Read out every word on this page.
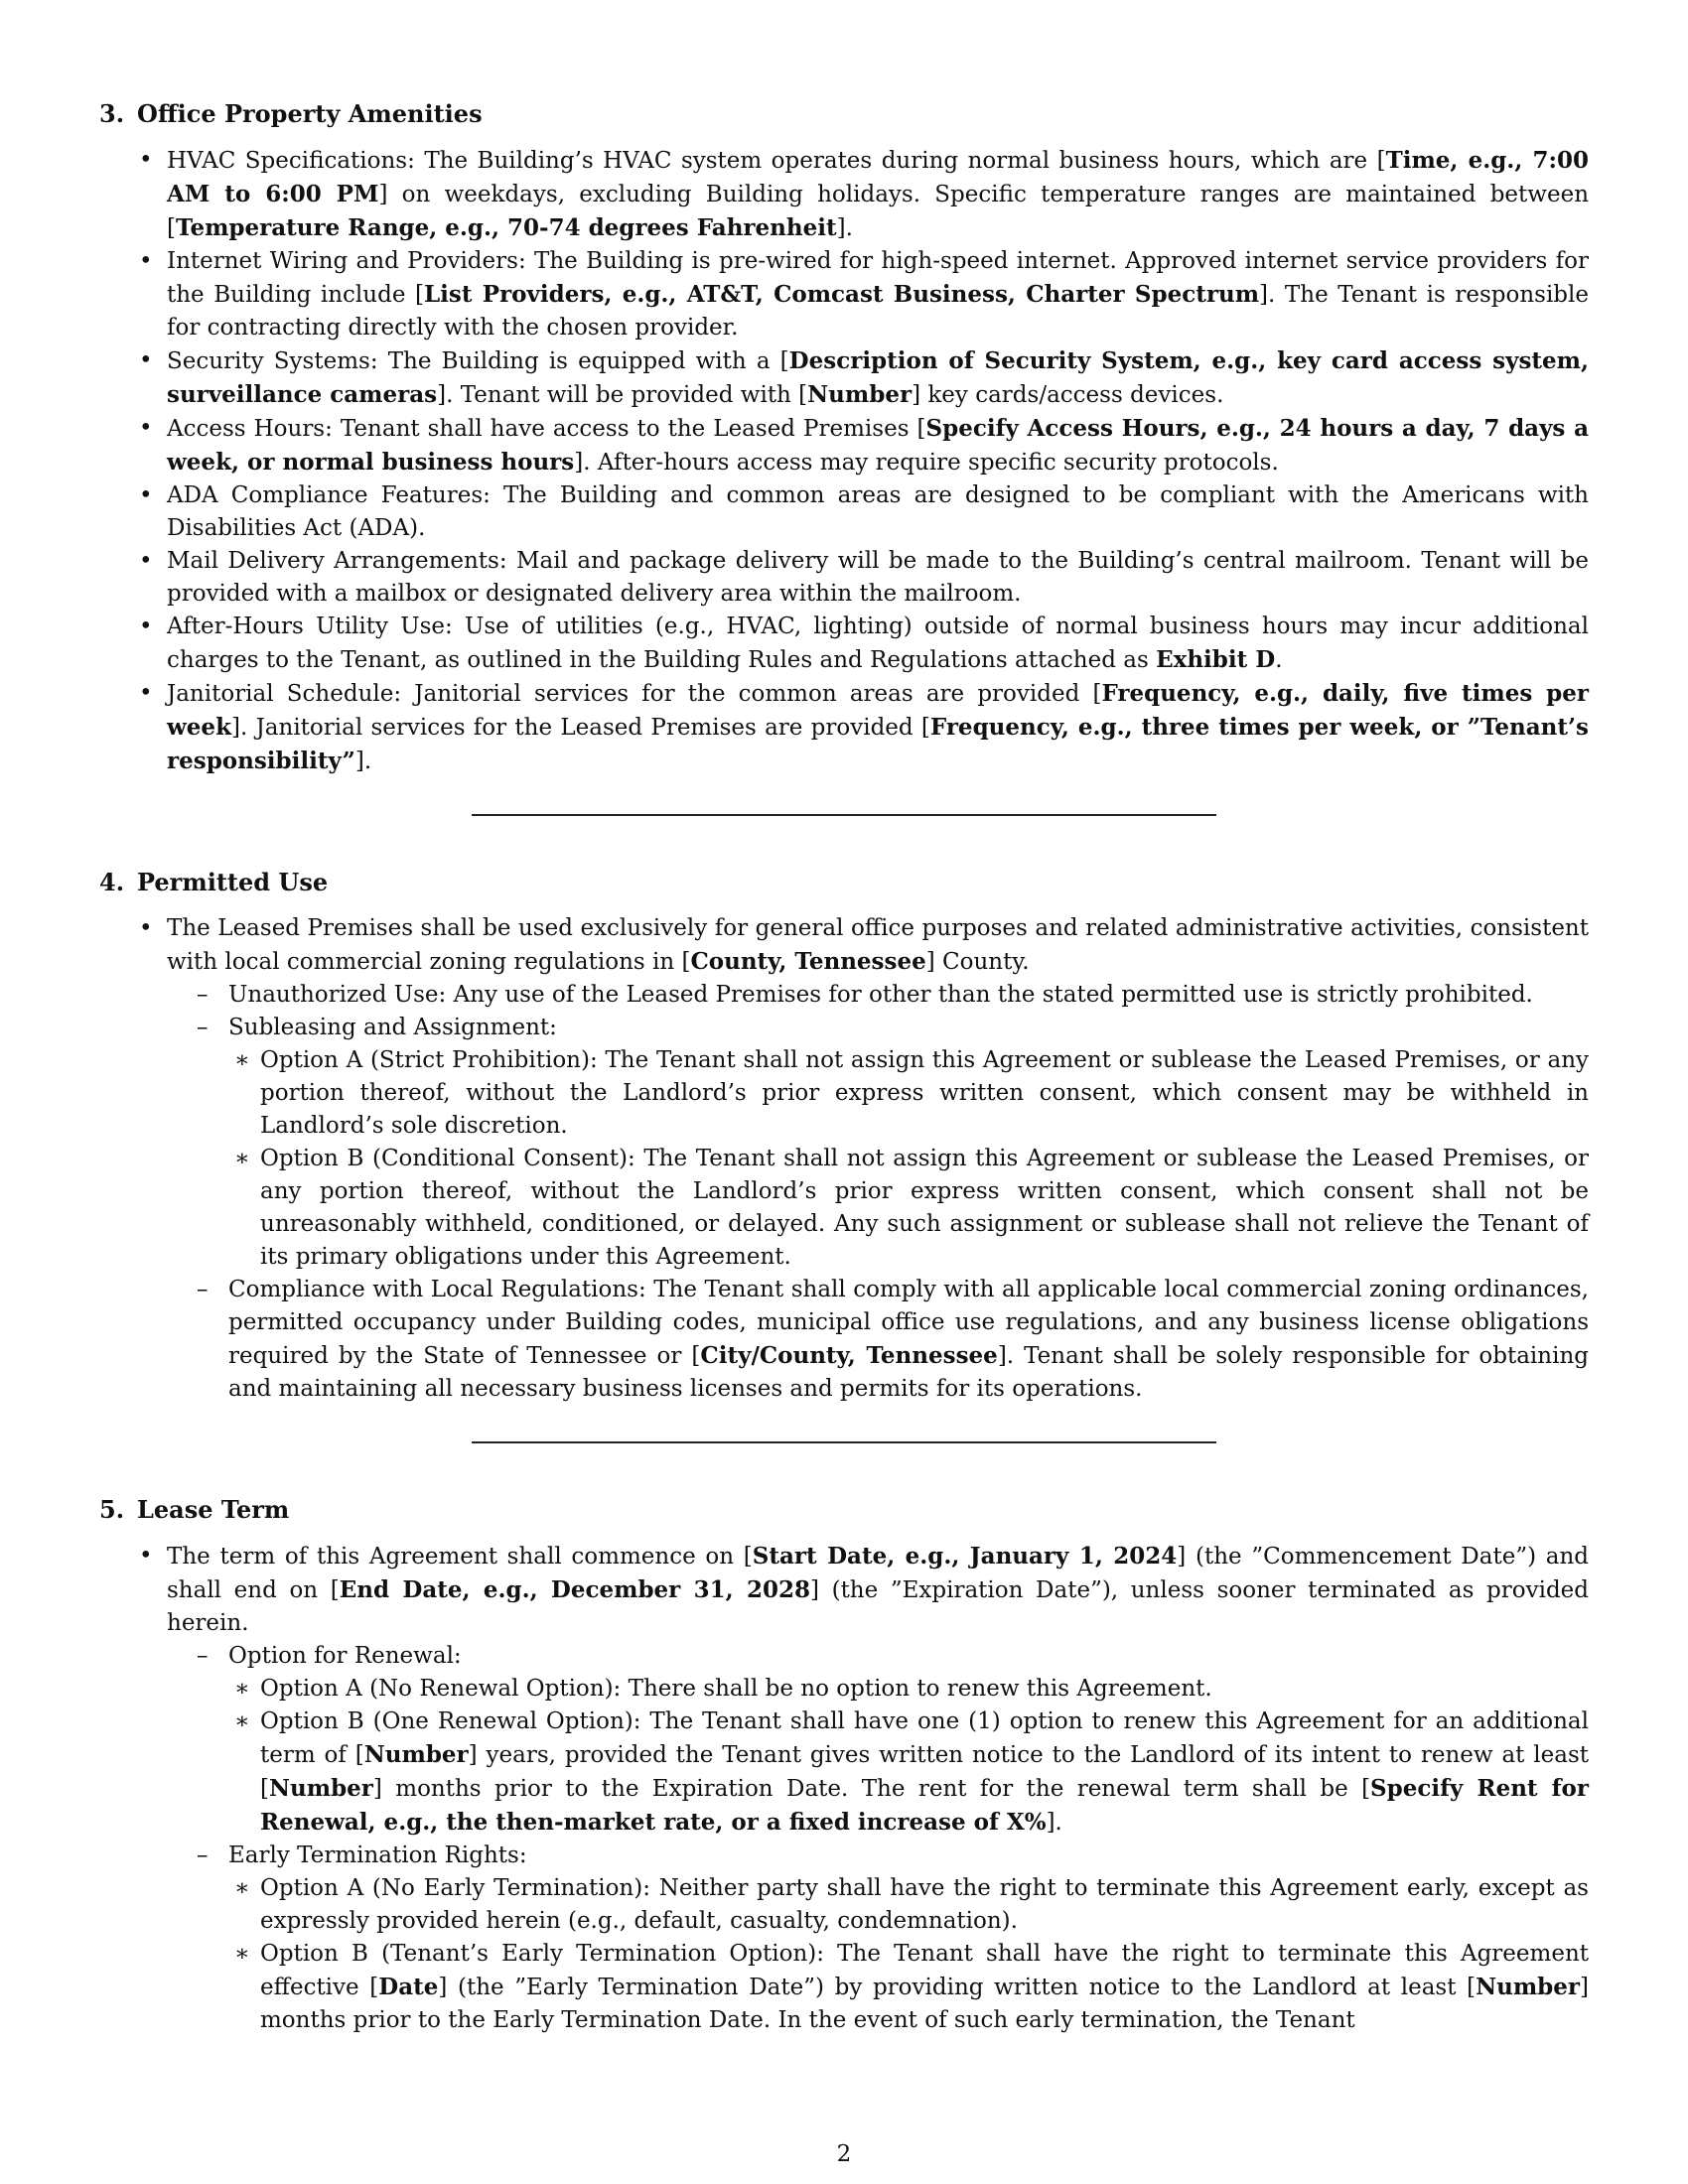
3. Office Property Amenities
• HVAC Specifications: The Building’s HVAC system operates during normal business hours, which are [Time, e.g., 7:00 AM to 6:00 PM] on weekdays, excluding Building holidays. Specific temperature ranges are maintained between [Temperature Range, e.g., 70-74 degrees Fahrenheit].
• Internet Wiring and Providers: The Building is pre-wired for high-speed internet. Approved internet service providers for the Building include [List Providers, e.g., AT&T, Comcast Business, Charter Spectrum]. The Tenant is responsible for contracting directly with the chosen provider.
• Security Systems: The Building is equipped with a [Description of Security System, e.g., key card access system, surveillance cameras]. Tenant will be provided with [Number] key cards/access devices.
• Access Hours: Tenant shall have access to the Leased Premises [Specify Access Hours, e.g., 24 hours a day, 7 days a week, or normal business hours]. After-hours access may require specific security protocols.
• ADA Compliance Features: The Building and common areas are designed to be compliant with the Americans with Disabilities Act (ADA).
• Mail Delivery Arrangements: Mail and package delivery will be made to the Building’s central mailroom. Tenant will be provided with a mailbox or designated delivery area within the mailroom.
• After-Hours Utility Use: Use of utilities (e.g., HVAC, lighting) outside of normal business hours may incur additional charges to the Tenant, as outlined in the Building Rules and Regulations attached as Exhibit D.
• Janitorial Schedule: Janitorial services for the common areas are provided [Frequency, e.g., daily, five times per week]. Janitorial services for the Leased Premises are provided [Frequency, e.g., three times per week, or ”Tenant’s responsibility”].
4. Permitted Use
• The Leased Premises shall be used exclusively for general office purposes and related administrative activities, consistent with local commercial zoning regulations in [County, Tennessee] County.
– Unauthorized Use: Any use of the Leased Premises for other than the stated permitted use is strictly prohibited.
– Subleasing and Assignment:
∗ Option A (Strict Prohibition): The Tenant shall not assign this Agreement or sublease the Leased Premises, or any portion thereof, without the Landlord’s prior express written consent, which consent may be withheld in Landlord’s sole discretion.
∗ Option B (Conditional Consent): The Tenant shall not assign this Agreement or sublease the Leased Premises, or any portion thereof, without the Landlord’s prior express written consent, which consent shall not be unreasonably withheld, conditioned, or delayed. Any such assignment or sublease shall not relieve the Tenant of its primary obligations under this Agreement.
– Compliance with Local Regulations: The Tenant shall comply with all applicable local commercial zoning ordinances, permitted occupancy under Building codes, municipal office use regulations, and any business license obligations required by the State of Tennessee or [City/County, Tennessee]. Tenant shall be solely responsible for obtaining and maintaining all necessary business licenses and permits for its operations.
5. Lease Term
• The term of this Agreement shall commence on [Start Date, e.g., January 1, 2024] (the ”Commencement Date”) and shall end on [End Date, e.g., December 31, 2028] (the ”Expiration Date”), unless sooner terminated as provided herein.
– Option for Renewal:
∗ Option A (No Renewal Option): There shall be no option to renew this Agreement.
∗ Option B (One Renewal Option): The Tenant shall have one (1) option to renew this Agreement for an additional term of [Number] years, provided the Tenant gives written notice to the Landlord of its intent to renew at least [Number] months prior to the Expiration Date. The rent for the renewal term shall be [Specify Rent for Renewal, e.g., the then-market rate, or a fixed increase of X%].
– Early Termination Rights:
∗ Option A (No Early Termination): Neither party shall have the right to terminate this Agreement early, except as expressly provided herein (e.g., default, casualty, condemnation).
∗ Option B (Tenant’s Early Termination Option): The Tenant shall have the right to terminate this Agreement effective [Date] (the ”Early Termination Date”) by providing written notice to the Landlord at least [Number] months prior to the Early Termination Date. In the event of such early termination, the Tenant
2
